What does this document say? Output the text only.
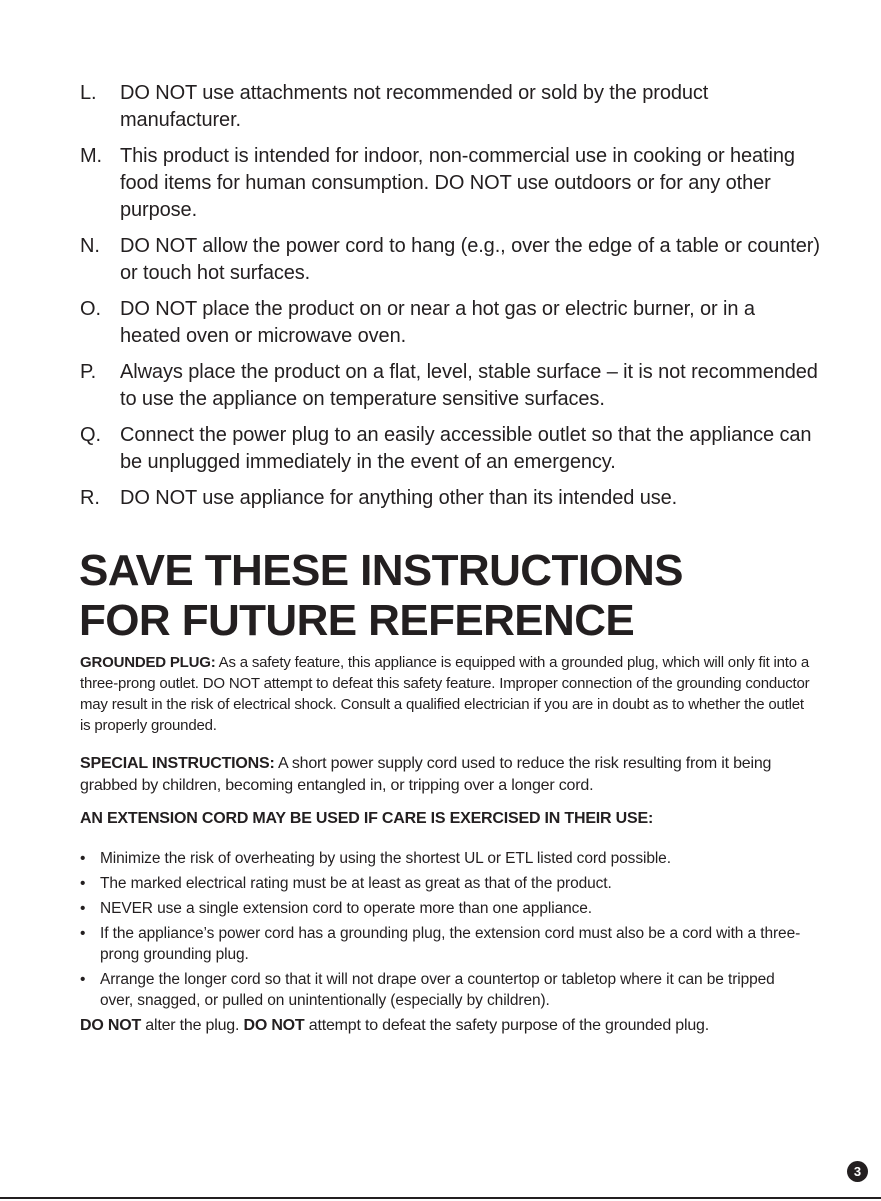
L.	DO NOT use attachments not recommended or sold by the product manufacturer.
M. This product is intended for indoor, non-commercial use in cooking or heating food items for human consumption. DO NOT use outdoors or for any other purpose.
N.	DO NOT allow the power cord to hang (e.g., over the edge of a table or counter) or touch hot surfaces.
O. DO NOT place the product on or near a hot gas or electric burner, or in a heated oven or microwave oven.
P.	Always place the product on a flat, level, stable surface – it is not recommended to use the appliance on temperature sensitive surfaces.
Q. Connect the power plug to an easily accessible outlet so that the appliance can be unplugged immediately in the event of an emergency.
R.	DO NOT use appliance for anything other than its intended use.
SAVE THESE INSTRUCTIONS
FOR FUTURE REFERENCE

GROUNDED PLUG: As a safety feature, this appliance is equipped with a grounded plug, which will only fit into a three-prong outlet. DO NOT attempt to defeat this safety feature. Improper connection of the grounding conductor may result in the risk of electrical shock. Consult a qualified electrician if you are in doubt as to whether the outlet is properly grounded.

SPECIAL INSTRUCTIONS: A short power supply cord used to reduce the risk resulting from it being grabbed by children, becoming entangled in, or tripping over a longer cord.

AN EXTENSION CORD MAY BE USED IF CARE IS EXERCISED IN THEIR USE:

• Minimize the risk of overheating by using the shortest UL or ETL listed cord possible.
• The marked electrical rating must be at least as great as that of the product.
• NEVER use a single extension cord to operate more than one appliance.
• If the appliance’s power cord has a grounding plug, the extension cord must also be a cord with a three-prong grounding plug.
• Arrange the longer cord so that it will not drape over a countertop or tabletop where it can be tripped over, snagged, or pulled on unintentionally (especially by children).

DO NOT alter the plug. DO NOT attempt to defeat the safety purpose of the grounded plug.

3
